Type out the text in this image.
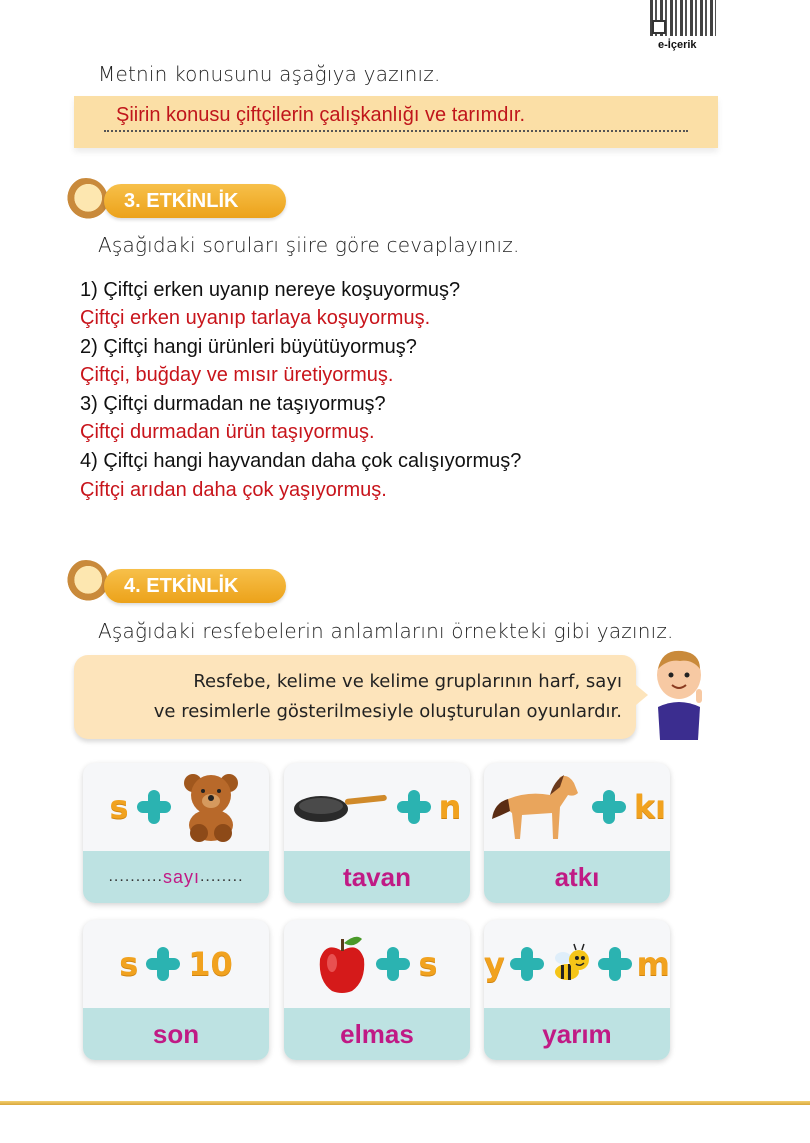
e-İçerik
Metnin konusunu aşağıya yazınız.
Şiirin konusu çiftçilerin çalışkanlığı ve tarımdır.
3. ETKİNLİK
Aşağıdaki soruları şiire göre cevaplayınız.
1) Çiftçi erken uyanıp nereye koşuyormuş?
Çiftçi erken uyanıp tarlaya koşuyormuş.
2) Çiftçi hangi ürünleri büyütüyormuş?
Çiftçi, buğday ve mısır üretiyormuş.
3) Çiftçi durmadan ne taşıyormuş?
Çiftçi durmadan ürün taşıyormuş.
4) Çiftçi hangi hayvandan daha çok calışıyormuş?
Çiftçi arıdan daha çok yaşıyormuş.
4. ETKİNLİK
Aşağıdaki resfebelerin anlamlarını örnekteki gibi yazınız.
Resfebe, kelime ve kelime gruplarının harf, sayı
ve resimlerle gösterilmesiyle oluşturulan oyunlardır.
s
.......... sayı ........
n
tavan
kı
atkı
s 10
son
s
elmas
y	m
yarım
